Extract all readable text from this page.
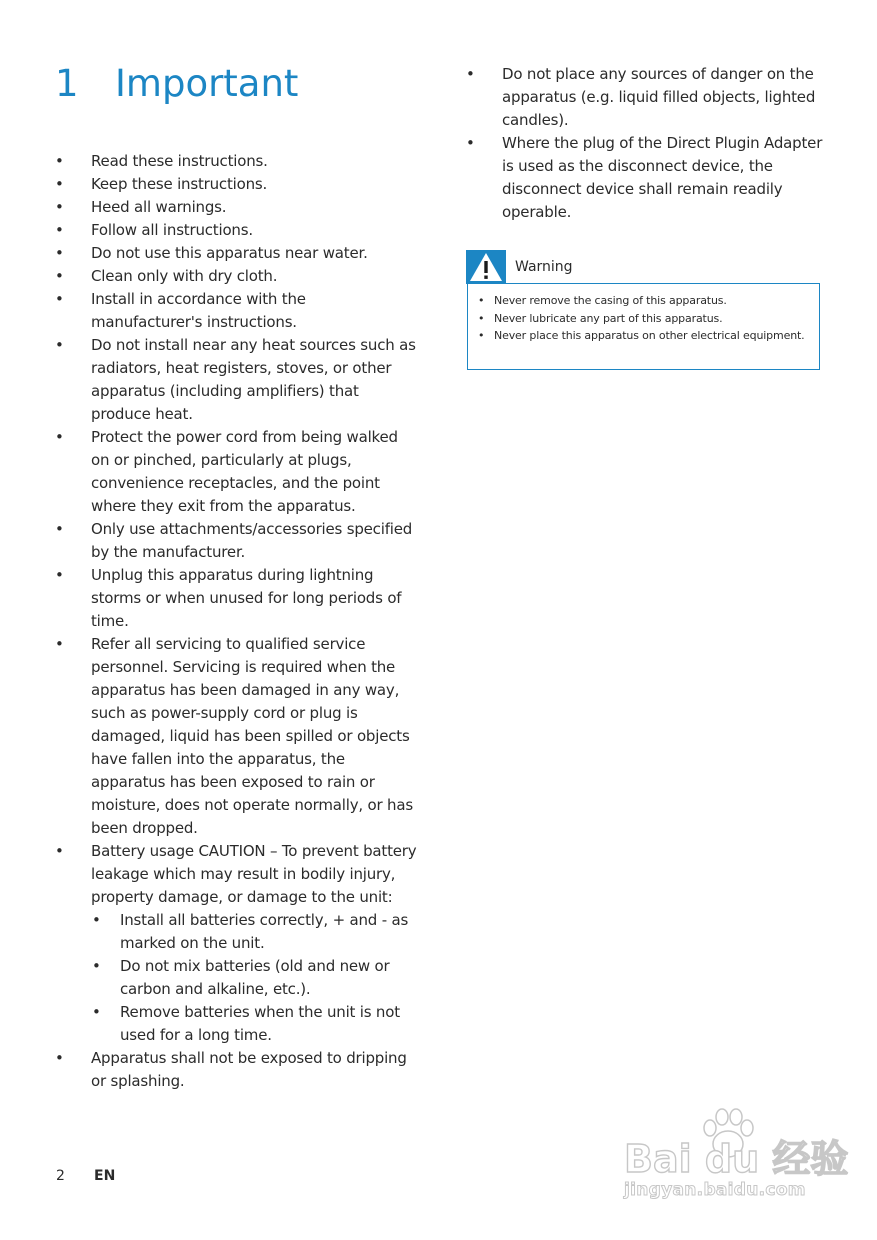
1 Important
• Read these instructions.
• Keep these instructions.
• Heed all warnings.
• Follow all instructions.
• Do not use this apparatus near water.
• Clean only with dry cloth.
• Install in accordance with the manufacturer's instructions.
• Do not install near any heat sources such as radiators, heat registers, stoves, or other apparatus (including amplifiers) that produce heat.
• Protect the power cord from being walked on or pinched, particularly at plugs, convenience receptacles, and the point where they exit from the apparatus.
• Only use attachments/accessories specified by the manufacturer.
• Unplug this apparatus during lightning storms or when unused for long periods of time.
• Refer all servicing to qualified service personnel. Servicing is required when the apparatus has been damaged in any way, such as power-supply cord or plug is damaged, liquid has been spilled or objects have fallen into the apparatus, the apparatus has been exposed to rain or moisture, does not operate normally, or has been dropped.
• Battery usage CAUTION – To prevent battery leakage which may result in bodily injury, property damage, or damage to the unit:
• Install all batteries correctly, + and - as marked on the unit.
• Do not mix batteries (old and new or carbon and alkaline, etc.).
• Remove batteries when the unit is not used for a long time.
• Apparatus shall not be exposed to dripping or splashing.
• Do not place any sources of danger on the apparatus (e.g. liquid filled objects, lighted candles).
• Where the plug of the Direct Plugin Adapter is used as the disconnect device, the disconnect device shall remain readily operable.
Warning
• Never remove the casing of this apparatus.
• Never lubricate any part of this apparatus.
• Never place this apparatus on other electrical equipment.
2 EN	Bai du 经验
jingyan.baidu.com
